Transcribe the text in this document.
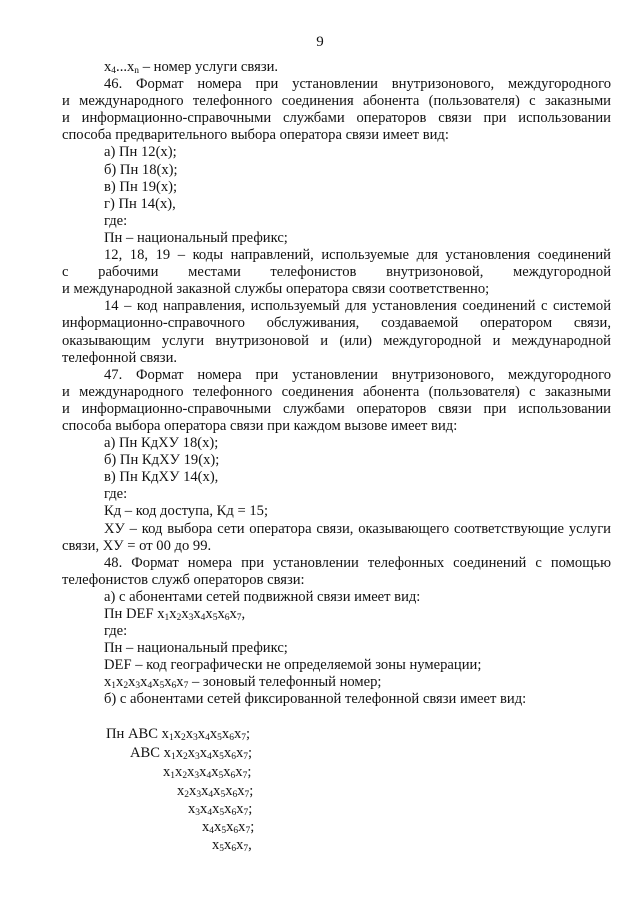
9
$x_4...x_n$ – номер услуги связи.
46. Формат номера при установлении внутризонового, междугородного
и международного телефонного соединения абонента (пользователя) с заказными
и информационно-справочными службами операторов связи при использовании
способа предварительного выбора оператора связи имеет вид:
а) Пн 12(x);
б) Пн 18(x);
в) Пн 19(x);
г) Пн 14(x),
где:
Пн – национальный префикс;
12, 18, 19 – коды направлений, используемые для установления соединений
с рабочими местами телефонистов внутризоновой, междугородной
и международной заказной службы оператора связи соответственно;
14 – код направления, используемый для установления соединений с системой
информационно-справочного обслуживания, создаваемой оператором связи,
оказывающим услуги внутризоновой и (или) междугородной и международной
телефонной связи.
47. Формат номера при установлении внутризонового, междугородного
и международного телефонного соединения абонента (пользователя) с заказными
и информационно-справочными службами операторов связи при использовании
способа выбора оператора связи при каждом вызове имеет вид:
а) Пн КдХУ 18(x);
б) Пн КдХУ 19(x);
в) Пн КдХУ 14(x),
где:
Кд – код доступа, Кд = 15;
ХУ – код выбора сети оператора связи, оказывающего соответствующие услуги
связи, ХУ = от 00 до 99.
48. Формат номера при установлении телефонных соединений с помощью
телефонистов служб операторов связи:
а) с абонентами сетей подвижной связи имеет вид:
Пн DEF $x_1x_2x_3x_4x_5x_6x_7$,
где:
Пн – национальный префикс;
DEF – код географически не определяемой зоны нумерации;
$x_1x_2x_3x_4x_5x_6x_7$ – зоновый телефонный номер;
б) с абонентами сетей фиксированной телефонной связи имеет вид:
Пн АВС $x_1x_2x_3x_4x_5x_6x_7$;
АВС $x_1x_2x_3x_4x_5x_6x_7$;
$x_1x_2x_3x_4x_5x_6x_7$;
$x_2x_3x_4x_5x_6x_7$;
$x_3x_4x_5x_6x_7$;
$x_4x_5x_6x_7$;
$x_5x_6x_7$,
